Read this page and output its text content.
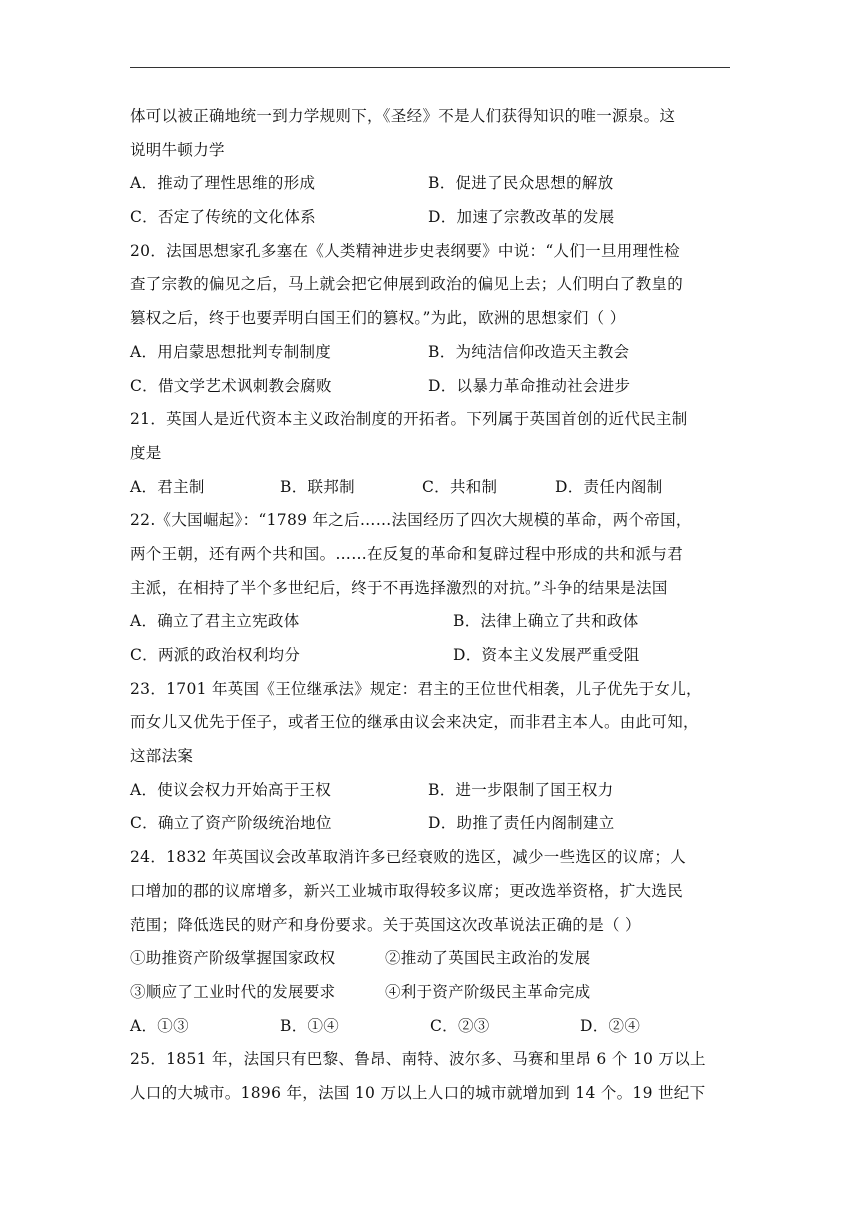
体可以被正确地统一到力学规则下，《圣经》不是人们获得知识的唯一源泉。这
说明牛顿力学
A．推动了理性思维的形成	B．促进了民众思想的解放
C．否定了传统的文化体系	D．加速了宗教改革的发展
20．法国思想家孔多塞在《人类精神进步史表纲要》中说：“人们一旦用理性检
查了宗教的偏见之后，马上就会把它伸展到政治的偏见上去；人们明白了教皇的
篡权之后，终于也要弄明白国王们的篡权。”为此，欧洲的思想家们（ ）
A．用启蒙思想批判专制制度	B．为纯洁信仰改造天主教会
C．借文学艺术讽刺教会腐败	D．以暴力革命推动社会进步
21．英国人是近代资本主义政治制度的开拓者。下列属于英国首创的近代民主制
度是
A．君主制	B．联邦制	C．共和制	D．责任内阁制
22.《大国崛起》：“1789 年之后……法国经历了四次大规模的革命，两个帝国，
两个王朝，还有两个共和国。……在反复的革命和复辟过程中形成的共和派与君
主派，在相持了半个多世纪后，终于不再选择激烈的对抗。”斗争的结果是法国
A．确立了君主立宪政体	B．法律上确立了共和政体
C．两派的政治权利均分	D．资本主义发展严重受阻
23．1701 年英国《王位继承法》规定：君主的王位世代相袭，儿子优先于女儿，
而女儿又优先于侄子，或者王位的继承由议会来决定，而非君主本人。由此可知，
这部法案
A．使议会权力开始高于王权	B．进一步限制了国王权力
C．确立了资产阶级统治地位	D．助推了责任内阁制建立
24．1832 年英国议会改革取消许多已经衰败的选区，减少一些选区的议席；人
口增加的郡的议席增多，新兴工业城市取得较多议席；更改选举资格，扩大选民
范围；降低选民的财产和身份要求。关于英国这次改革说法正确的是（ ）
①助推资产阶级掌握国家政权	②推动了英国民主政治的发展
③顺应了工业时代的发展要求	④利于资产阶级民主革命完成
A．①③	B．①④	C．②③	D．②④
25．1851 年，法国只有巴黎、鲁昂、南特、波尔多、马赛和里昂 6 个 10 万以上
人口的大城市。1896 年，法国 10 万以上人口的城市就增加到 14 个。19 世纪下
